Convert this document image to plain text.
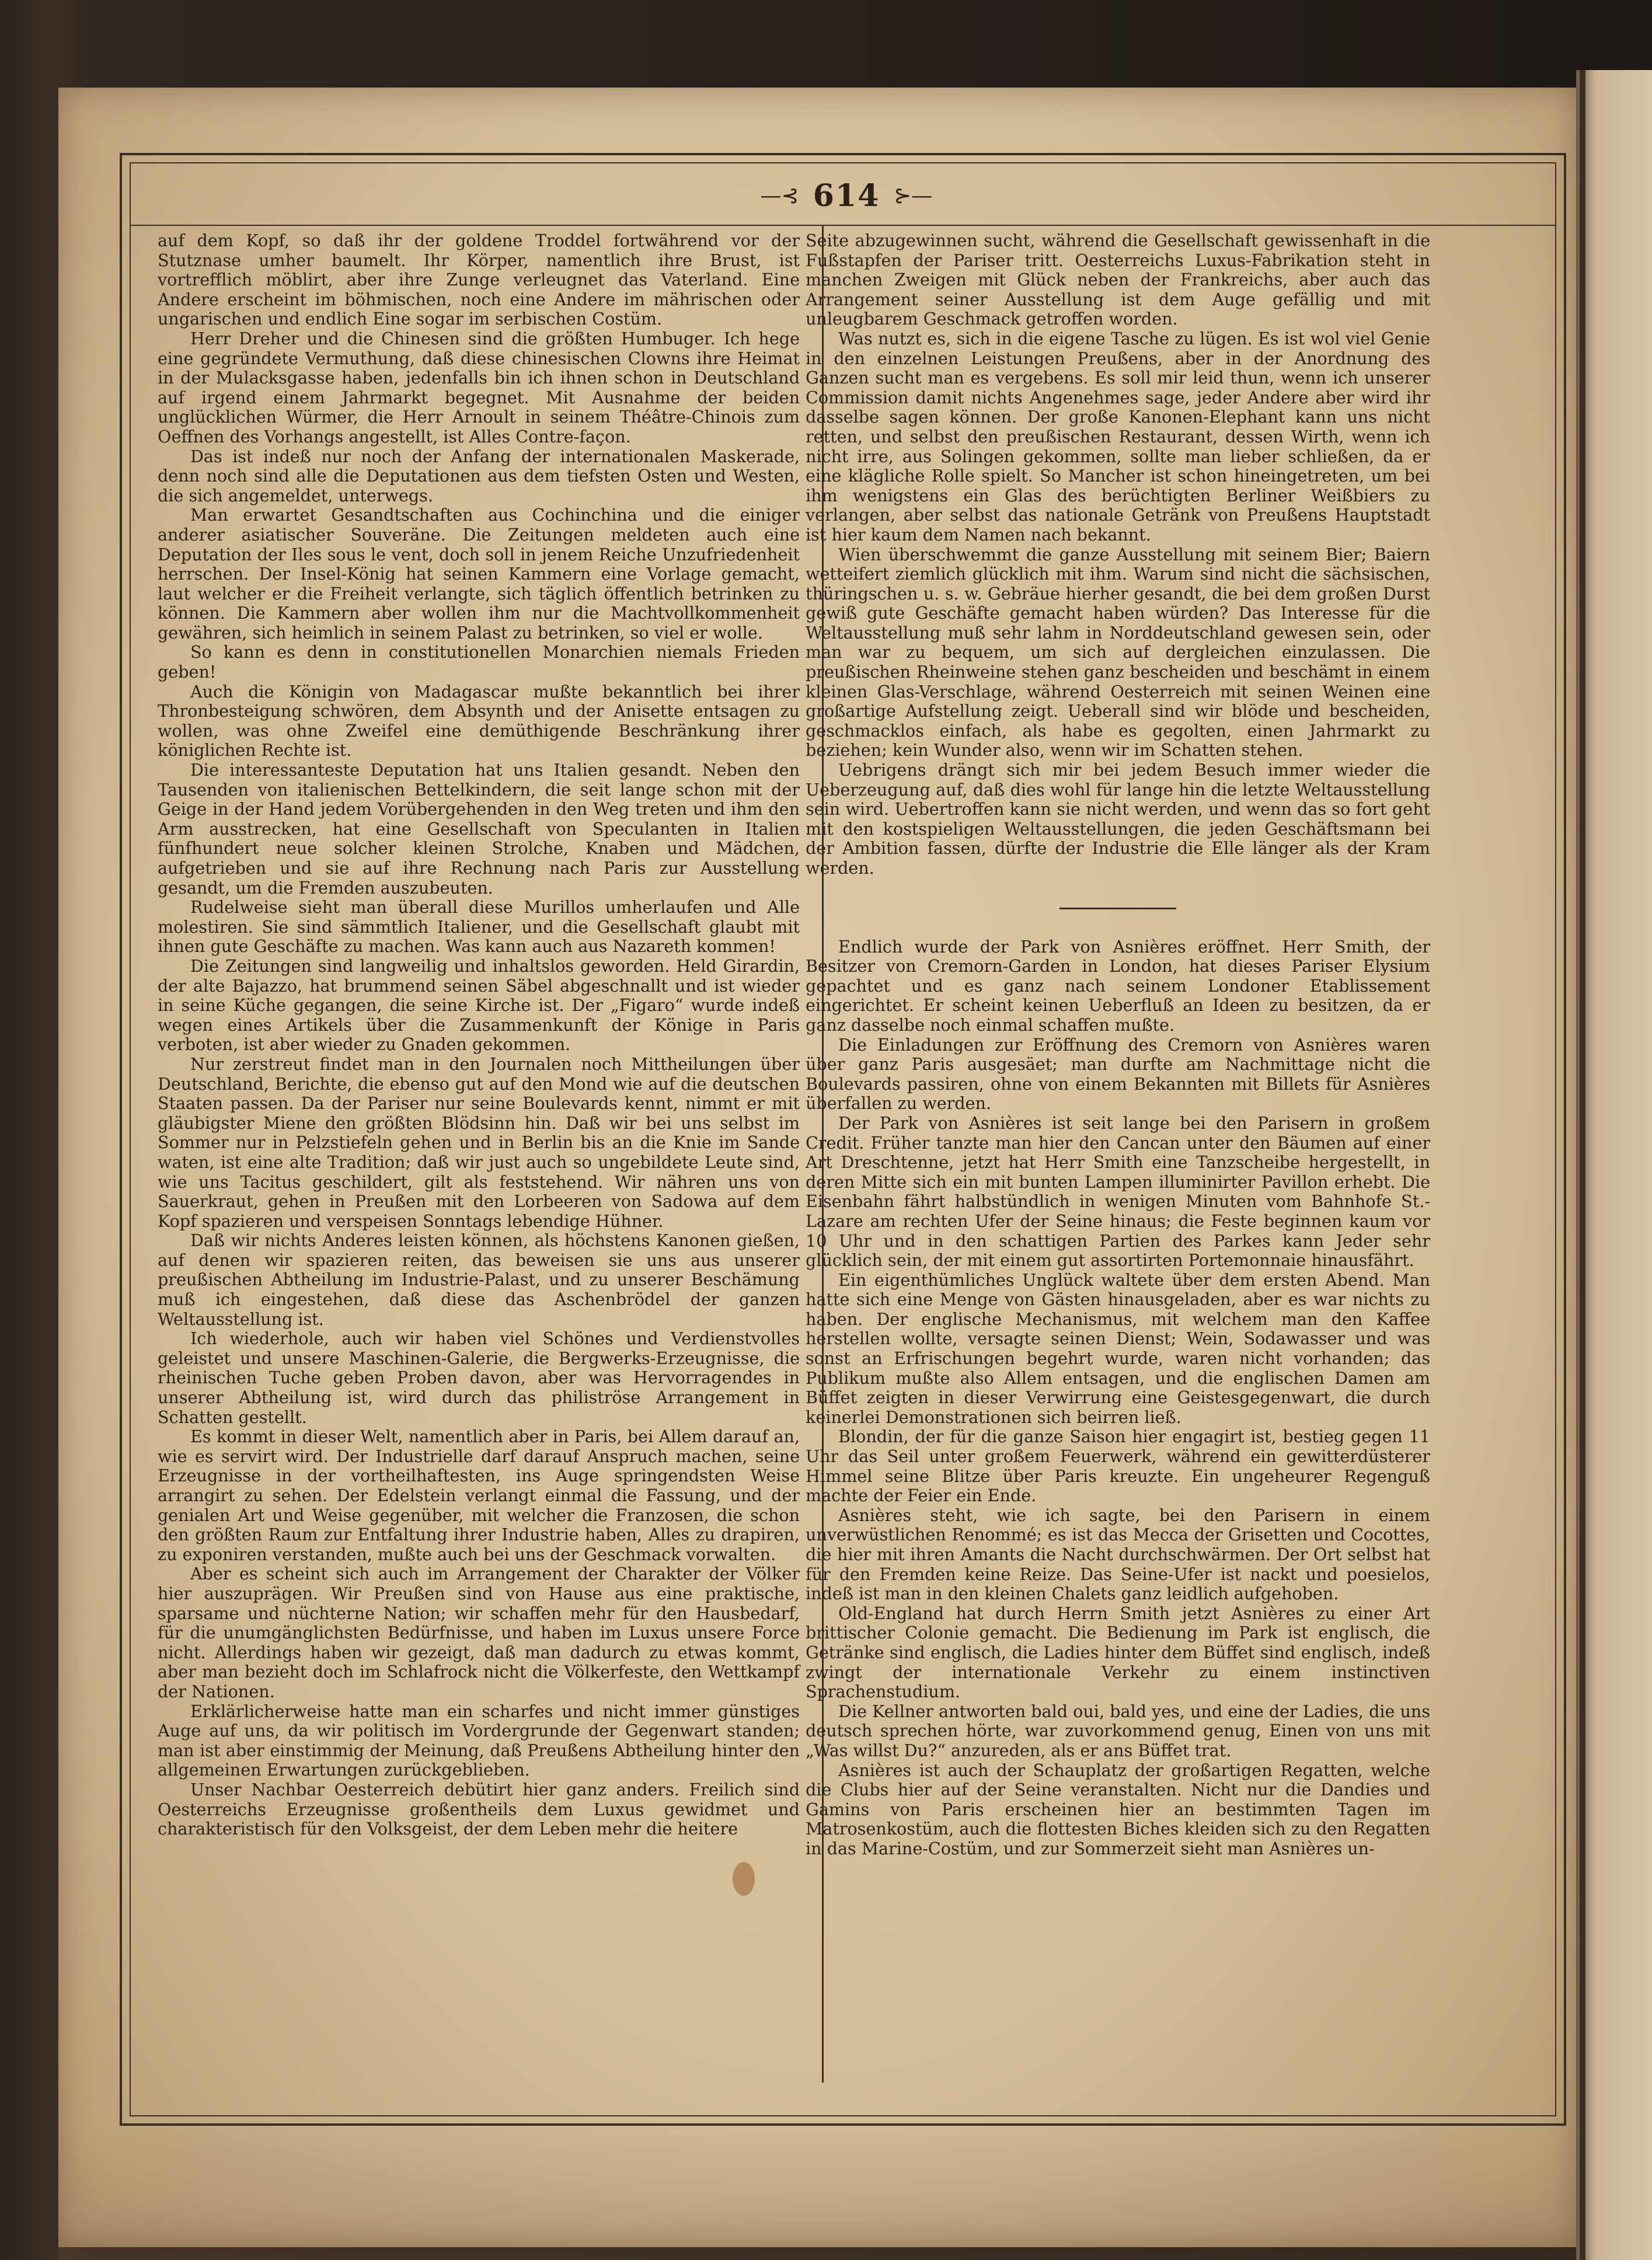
—⊰ 614 ⊱—

auf dem Kopf, so daß ihr der goldene Troddel fortwährend vor der Stutznase umher baumelt. Ihr Körper, namentlich ihre Brust, ist vortrefflich möblirt, aber ihre Zunge verleugnet das Vaterland. Eine Andere erscheint im böhmischen, noch eine Andere im mährischen oder ungarischen und endlich Eine sogar im serbischen Costüm.

Herr Dreher und die Chinesen sind die größten Humbuger. Ich hege eine gegründete Vermuthung, daß diese chinesischen Clowns ihre Heimat in der Mulacksgasse haben, jedenfalls bin ich ihnen schon in Deutschland auf irgend einem Jahrmarkt begegnet. Mit Ausnahme der beiden unglücklichen Würmer, die Herr Arnoult in seinem Théâtre-Chinois zum Oeffnen des Vorhangs angestellt, ist Alles Contre-façon.

Das ist indeß nur noch der Anfang der internationalen Maskerade, denn noch sind alle die Deputationen aus dem tiefsten Osten und Westen, die sich angemeldet, unterwegs.

Man erwartet Gesandtschaften aus Cochinchina und die einiger anderer asiatischer Souveräne. Die Zeitungen meldeten auch eine Deputation der Iles sous le vent, doch soll in jenem Reiche Unzufriedenheit herrschen. Der Insel-König hat seinen Kammern eine Vorlage gemacht, laut welcher er die Freiheit verlangte, sich täglich öffentlich betrinken zu können. Die Kammern aber wollen ihm nur die Machtvollkommenheit gewähren, sich heimlich in seinem Palast zu betrinken, so viel er wolle.

So kann es denn in constitutionellen Monarchien niemals Frieden geben!

Auch die Königin von Madagascar mußte bekanntlich bei ihrer Thronbesteigung schwören, dem Absynth und der Anisette entsagen zu wollen, was ohne Zweifel eine demüthigende Beschränkung ihrer königlichen Rechte ist.

Die interessanteste Deputation hat uns Italien gesandt. Neben den Tausenden von italienischen Bettelkindern, die seit lange schon mit der Geige in der Hand jedem Vorübergehenden in den Weg treten und ihm den Arm ausstrecken, hat eine Gesellschaft von Speculanten in Italien fünfhundert neue solcher kleinen Strolche, Knaben und Mädchen, aufgetrieben und sie auf ihre Rechnung nach Paris zur Ausstellung gesandt, um die Fremden auszubeuten.

Rudelweise sieht man überall diese Murillos umherlaufen und Alle molestiren. Sie sind sämmtlich Italiener, und die Gesellschaft glaubt mit ihnen gute Geschäfte zu machen. Was kann auch aus Nazareth kommen!

Die Zeitungen sind langweilig und inhaltslos geworden. Held Girardin, der alte Bajazzo, hat brummend seinen Säbel abgeschnallt und ist wieder in seine Küche gegangen, die seine Kirche ist. Der „Figaro“ wurde indeß wegen eines Artikels über die Zusammenkunft der Könige in Paris verboten, ist aber wieder zu Gnaden gekommen.

Nur zerstreut findet man in den Journalen noch Mittheilungen über Deutschland, Berichte, die ebenso gut auf den Mond wie auf die deutschen Staaten passen. Da der Pariser nur seine Boulevards kennt, nimmt er mit gläubigster Miene den größten Blödsinn hin. Daß wir bei uns selbst im Sommer nur in Pelzstiefeln gehen und in Berlin bis an die Knie im Sande waten, ist eine alte Tradition; daß wir just auch so ungebildete Leute sind, wie uns Tacitus geschildert, gilt als feststehend. Wir nähren uns von Sauerkraut, gehen in Preußen mit den Lorbeeren von Sadowa auf dem Kopf spazieren und verspeisen Sonntags lebendige Hühner.

Daß wir nichts Anderes leisten können, als höchstens Kanonen gießen, auf denen wir spazieren reiten, das beweisen sie uns aus unserer preußischen Abtheilung im Industrie-Palast, und zu unserer Beschämung muß ich eingestehen, daß diese das Aschenbrödel der ganzen Weltausstellung ist.

Ich wiederhole, auch wir haben viel Schönes und Verdienstvolles geleistet und unsere Maschinen-Galerie, die Bergwerks-Erzeugnisse, die rheinischen Tuche geben Proben davon, aber was Hervorragendes in unserer Abtheilung ist, wird durch das philiströse Arrangement in Schatten gestellt.

Es kommt in dieser Welt, namentlich aber in Paris, bei Allem darauf an, wie es servirt wird. Der Industrielle darf darauf Anspruch machen, seine Erzeugnisse in der vortheilhaftesten, ins Auge springendsten Weise arrangirt zu sehen. Der Edelstein verlangt einmal die Fassung, und der genialen Art und Weise gegenüber, mit welcher die Franzosen, die schon den größten Raum zur Entfaltung ihrer Industrie haben, Alles zu drapiren, zu exponiren verstanden, mußte auch bei uns der Geschmack vorwalten.

Aber es scheint sich auch im Arrangement der Charakter der Völker hier auszuprägen. Wir Preußen sind von Hause aus eine praktische, sparsame und nüchterne Nation; wir schaffen mehr für den Hausbedarf, für die unumgänglichsten Bedürfnisse, und haben im Luxus unsere Force nicht. Allerdings haben wir gezeigt, daß man dadurch zu etwas kommt, aber man bezieht doch im Schlafrock nicht die Völkerfeste, den Wettkampf der Nationen.

Erklärlicherweise hatte man ein scharfes und nicht immer günstiges Auge auf uns, da wir politisch im Vordergrunde der Gegenwart standen; man ist aber einstimmig der Meinung, daß Preußens Abtheilung hinter den allgemeinen Erwartungen zurückgeblieben.

Unser Nachbar Oesterreich debütirt hier ganz anders. Freilich sind Oesterreichs Erzeugnisse großentheils dem Luxus gewidmet und charakteristisch für den Volksgeist, der dem Leben mehr die heitere

Seite abzugewinnen sucht, während die Gesellschaft gewissenhaft in die Fußstapfen der Pariser tritt. Oesterreichs Luxus-Fabrikation steht in manchen Zweigen mit Glück neben der Frankreichs, aber auch das Arrangement seiner Ausstellung ist dem Auge gefällig und mit unleugbarem Geschmack getroffen worden.

Was nutzt es, sich in die eigene Tasche zu lügen. Es ist wol viel Genie in den einzelnen Leistungen Preußens, aber in der Anordnung des Ganzen sucht man es vergebens. Es soll mir leid thun, wenn ich unserer Commission damit nichts Angenehmes sage, jeder Andere aber wird ihr dasselbe sagen können. Der große Kanonen-Elephant kann uns nicht retten, und selbst den preußischen Restaurant, dessen Wirth, wenn ich nicht irre, aus Solingen gekommen, sollte man lieber schließen, da er eine klägliche Rolle spielt. So Mancher ist schon hineingetreten, um bei ihm wenigstens ein Glas des berüchtigten Berliner Weißbiers zu verlangen, aber selbst das nationale Getränk von Preußens Hauptstadt ist hier kaum dem Namen nach bekannt.

Wien überschwemmt die ganze Ausstellung mit seinem Bier; Baiern wetteifert ziemlich glücklich mit ihm. Warum sind nicht die sächsischen, thüringschen u. s. w. Gebräue hierher gesandt, die bei dem großen Durst gewiß gute Geschäfte gemacht haben würden? Das Interesse für die Weltausstellung muß sehr lahm in Norddeutschland gewesen sein, oder man war zu bequem, um sich auf dergleichen einzulassen. Die preußischen Rheinweine stehen ganz bescheiden und beschämt in einem kleinen Glas-Verschlage, während Oesterreich mit seinen Weinen eine großartige Aufstellung zeigt. Ueberall sind wir blöde und bescheiden, geschmacklos einfach, als habe es gegolten, einen Jahrmarkt zu beziehen; kein Wunder also, wenn wir im Schatten stehen.

Uebrigens drängt sich mir bei jedem Besuch immer wieder die Ueberzeugung auf, daß dies wohl für lange hin die letzte Weltausstellung sein wird. Uebertroffen kann sie nicht werden, und wenn das so fort geht mit den kostspieligen Weltausstellungen, die jeden Geschäftsmann bei der Ambition fassen, dürfte der Industrie die Elle länger als der Kram werden.

Endlich wurde der Park von Asnières eröffnet. Herr Smith, der Besitzer von Cremorn-Garden in London, hat dieses Pariser Elysium gepachtet und es ganz nach seinem Londoner Etablissement eingerichtet. Er scheint keinen Ueberfluß an Ideen zu besitzen, da er ganz dasselbe noch einmal schaffen mußte.

Die Einladungen zur Eröffnung des Cremorn von Asnières waren über ganz Paris ausgesäet; man durfte am Nachmittage nicht die Boulevards passiren, ohne von einem Bekannten mit Billets für Asnières überfallen zu werden.

Der Park von Asnières ist seit lange bei den Parisern in großem Credit. Früher tanzte man hier den Cancan unter den Bäumen auf einer Art Dreschtenne, jetzt hat Herr Smith eine Tanzscheibe hergestellt, in deren Mitte sich ein mit bunten Lampen illuminirter Pavillon erhebt. Die Eisenbahn fährt halbstündlich in wenigen Minuten vom Bahnhofe St.-Lazare am rechten Ufer der Seine hinaus; die Feste beginnen kaum vor 10 Uhr und in den schattigen Partien des Parkes kann Jeder sehr glücklich sein, der mit einem gut assortirten Portemonnaie hinausfährt.

Ein eigenthümliches Unglück waltete über dem ersten Abend. Man hatte sich eine Menge von Gästen hinausgeladen, aber es war nichts zu haben. Der englische Mechanismus, mit welchem man den Kaffee herstellen wollte, versagte seinen Dienst; Wein, Sodawasser und was sonst an Erfrischungen begehrt wurde, waren nicht vorhanden; das Publikum mußte also Allem entsagen, und die englischen Damen am Büffet zeigten in dieser Verwirrung eine Geistesgegenwart, die durch keinerlei Demonstrationen sich beirren ließ.

Blondin, der für die ganze Saison hier engagirt ist, bestieg gegen 11 Uhr das Seil unter großem Feuerwerk, während ein gewitterdüsterer Himmel seine Blitze über Paris kreuzte. Ein ungeheurer Regenguß machte der Feier ein Ende.

Asnières steht, wie ich sagte, bei den Parisern in einem unverwüstlichen Renommé; es ist das Mecca der Grisetten und Cocottes, die hier mit ihren Amants die Nacht durchschwärmen. Der Ort selbst hat für den Fremden keine Reize. Das Seine-Ufer ist nackt und poesielos, indeß ist man in den kleinen Chalets ganz leidlich aufgehoben.

Old-England hat durch Herrn Smith jetzt Asnières zu einer Art brittischer Colonie gemacht. Die Bedienung im Park ist englisch, die Getränke sind englisch, die Ladies hinter dem Büffet sind englisch, indeß zwingt der internationale Verkehr zu einem instinctiven Sprachenstudium.

Die Kellner antworten bald oui, bald yes, und eine der Ladies, die uns deutsch sprechen hörte, war zuvorkommend genug, Einen von uns mit „Was willst Du?“ anzureden, als er ans Büffet trat.

Asnières ist auch der Schauplatz der großartigen Regatten, welche die Clubs hier auf der Seine veranstalten. Nicht nur die Dandies und Gamins von Paris erscheinen hier an bestimmten Tagen im Matrosenkostüm, auch die flottesten Biches kleiden sich zu den Regatten in das Marine-Costüm, und zur Sommerzeit sieht man Asnières un-
